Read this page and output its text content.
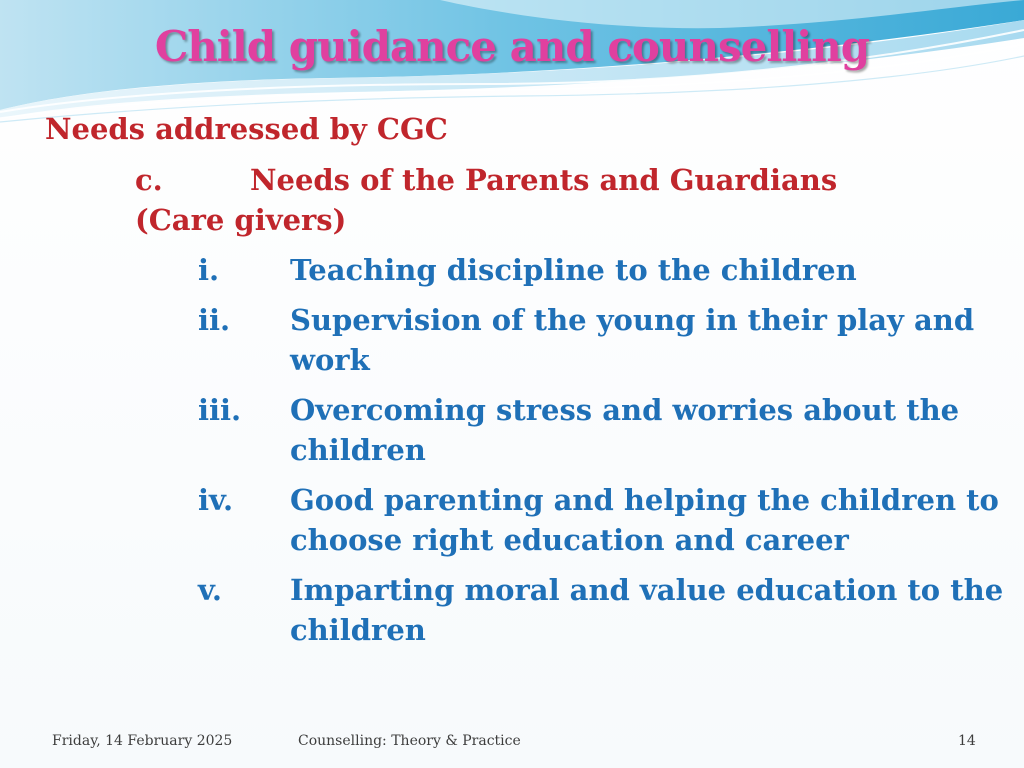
Child guidance and counselling
Needs addressed by CGC
c.	Needs of the Parents and Guardians (Care givers)
i.	Teaching discipline to the children
ii.	Supervision of the young in their play and work
iii.	Overcoming stress and worries about the children
iv.	Good parenting and helping the children to choose right education and career
v.	Imparting moral and value education to the children
Friday, 14 February 2025	Counselling: Theory & Practice	14
